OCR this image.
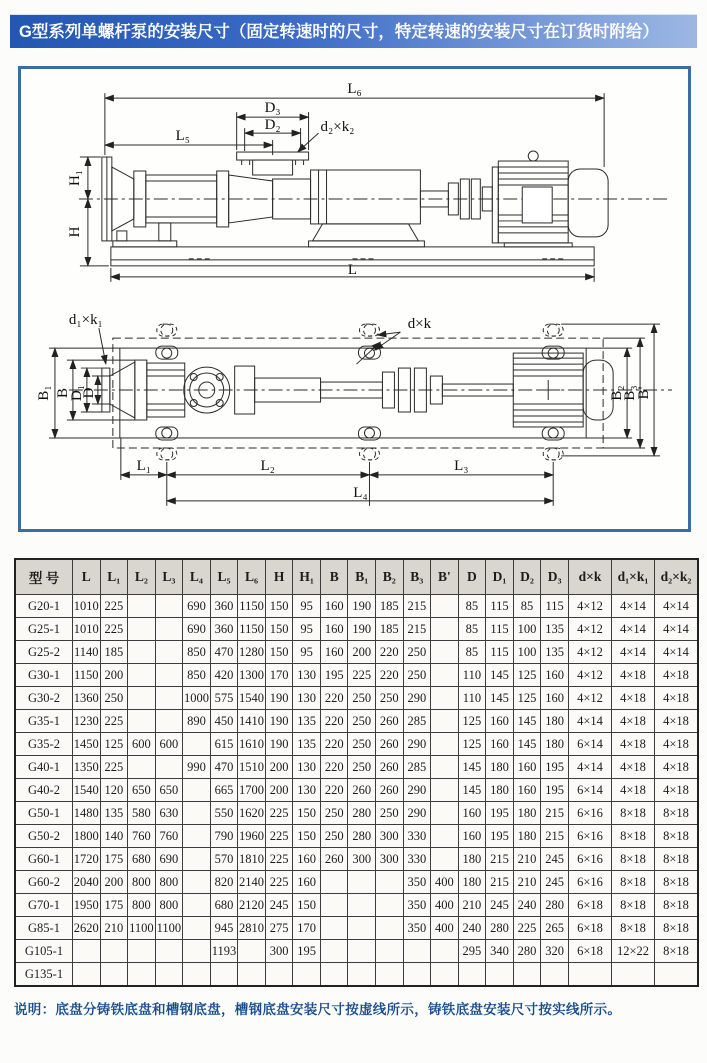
G型系列单螺杆泵的安装尺寸（固定转速时的尺寸，特定转速的安装尺寸在订货时附给）
L₆
D₃
D₂
L₅
d₂×k₂
H₁
H
L
d₁×k₁	d×k
B₁ B
D₁
D	B₂
B₃
B'
L₁	L₂	L₃
L₄
型 号	L	L₁	L₂	L₃	L₄	L₅	L₆	H	H₁	B	B₁	B₂	B₃	B'	D	D₁	D₂	D₃	d×k	d₁×k₁	d₂×k₂
G20-1	1010	225			690	360	1150	150	95	160	190	185	215		85	115	85	115	4×12	4×14	4×14
G25-1	1010	225			690	360	1150	150	95	160	190	185	215		85	115	100	135	4×12	4×14	4×14
G25-2	1140	185			850	470	1280	150	95	160	200	220	250		85	115	100	135	4×12	4×14	4×14
G30-1	1150	200			850	420	1300	170	130	195	225	220	250		110	145	125	160	4×12	4×18	4×18
G30-2	1360	250			1000	575	1540	190	130	220	250	250	290		110	145	125	160	4×12	4×18	4×18
G35-1	1230	225			890	450	1410	190	135	220	250	260	285		125	160	145	180	4×14	4×18	4×18
G35-2	1450	125	600	600		615	1610	190	135	220	250	260	290		125	160	145	180	6×14	4×18	4×18
G40-1	1350	225			990	470	1510	200	130	220	250	260	285		145	180	160	195	4×14	4×18	4×18
G40-2	1540	120	650	650		665	1700	200	130	220	260	260	290		145	180	160	195	6×14	4×18	4×18
G50-1	1480	135	580	630		550	1620	225	150	250	280	250	290		160	195	180	215	6×16	8×18	8×18
G50-2	1800	140	760	760		790	1960	225	150	250	280	300	330		160	195	180	215	6×16	8×18	8×18
G60-1	1720	175	680	690		570	1810	225	160	260	300	300	330		180	215	210	245	6×16	8×18	8×18
G60-2	2040	200	800	800		820	2140	225	160				350	400	180	215	210	245	6×16	8×18	8×18
G70-1	1950	175	800	800		680	2120	245	150				350	400	210	245	240	280	6×18	8×18	8×18
G85-1	2620	210	1100	1100		945	2810	275	170				350	400	240	280	225	265	6×18	8×18	8×18
G105-1						1193		300	195						295	340	280	320	6×18	12×22	8×18
G135-1																					
说明：底盘分铸铁底盘和槽钢底盘，槽钢底盘安装尺寸按虚线所示，铸铁底盘安装尺寸按实线所示。
